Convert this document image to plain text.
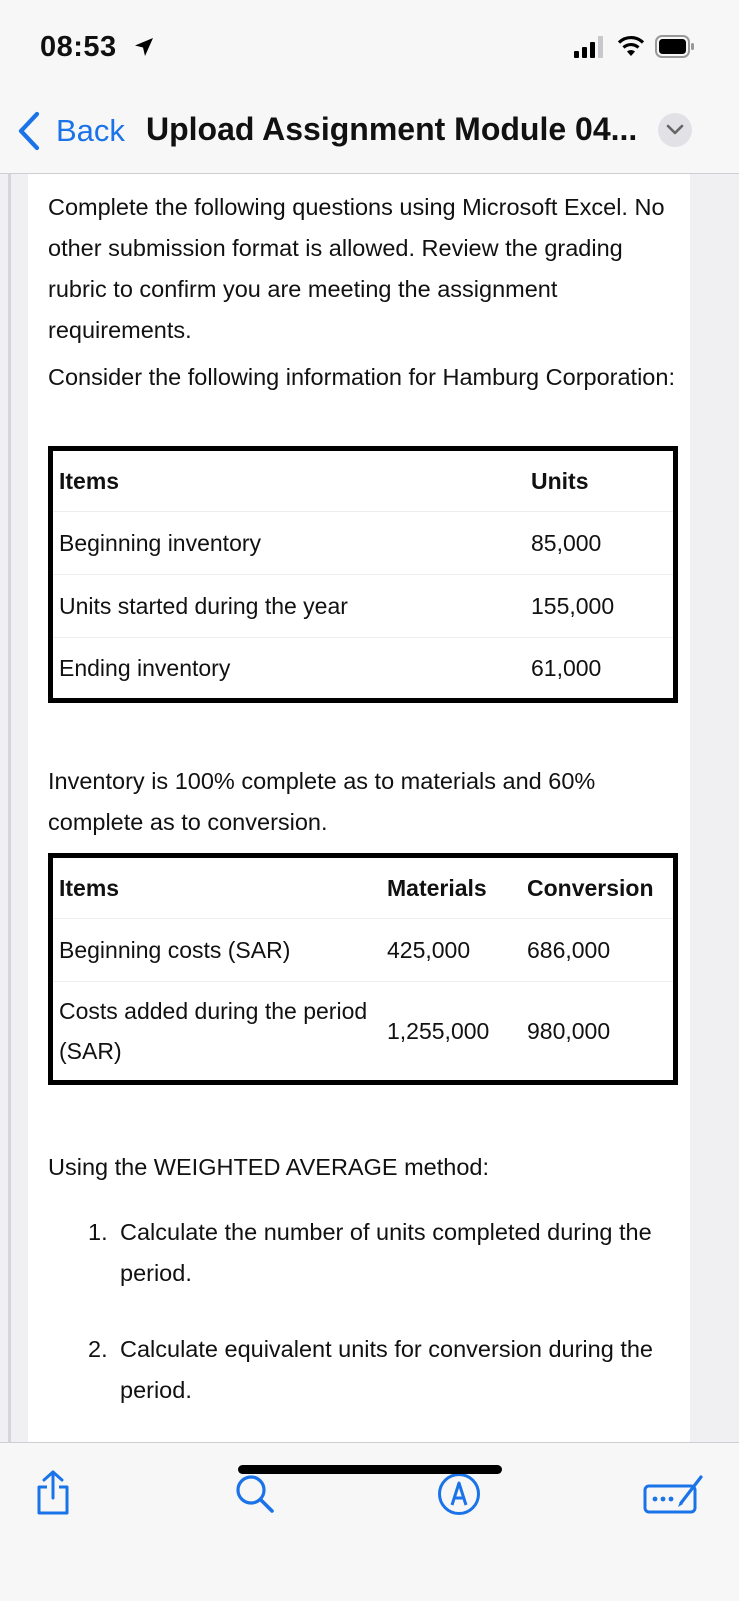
08:53
Back Upload Assignment Module 04...

Complete the following questions using Microsoft Excel. No other submission format is allowed. Review the grading rubric to confirm you are meeting the assignment requirements.

Consider the following information for Hamburg Corporation:

Items	Units
Beginning inventory	85,000
Units started during the year	155,000
Ending inventory	61,000

Inventory is 100% complete as to materials and 60% complete as to conversion.

Items	Materials	Conversion
Beginning costs (SAR)	425,000	686,000
Costs added during the period (SAR)	1,255,000	980,000

Using the WEIGHTED AVERAGE method:

1. Calculate the number of units completed during the period.
2. Calculate equivalent units for conversion during the period.
